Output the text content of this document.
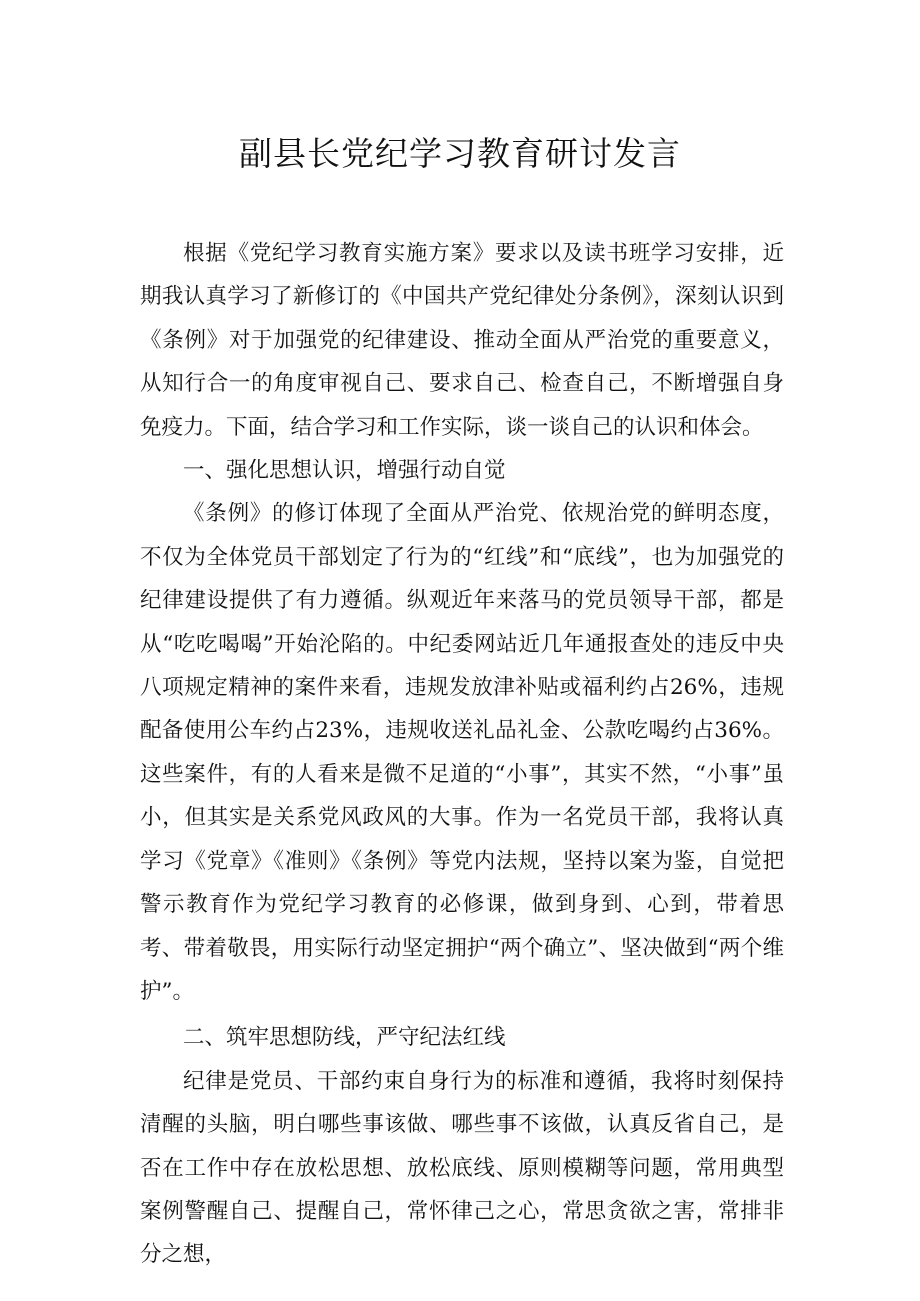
副县长党纪学习教育研讨发言

根据《党纪学习教育实施方案》要求以及读书班学习安排，近期我认真学习了新修订的《中国共产党纪律处分条例》，深刻认识到《条例》对于加强党的纪律建设、推动全面从严治党的重要意义，从知行合一的角度审视自己、要求自己、检查自己，不断增强自身免疫力。下面，结合学习和工作实际，谈一谈自己的认识和体会。

一、强化思想认识，增强行动自觉

《条例》的修订体现了全面从严治党、依规治党的鲜明态度，不仅为全体党员干部划定了行为的“红线”和“底线”，也为加强党的纪律建设提供了有力遵循。纵观近年来落马的党员领导干部，都是从“吃吃喝喝”开始沦陷的。中纪委网站近几年通报查处的违反中央八项规定精神的案件来看，违规发放津补贴或福利约占26%，违规配备使用公车约占23%，违规收送礼品礼金、公款吃喝约占36%。这些案件，有的人看来是微不足道的“小事”，其实不然，“小事”虽小，但其实是关系党风政风的大事。作为一名党员干部，我将认真学习《党章》《准则》《条例》等党内法规，坚持以案为鉴，自觉把警示教育作为党纪学习教育的必修课，做到身到、心到，带着思考、带着敬畏，用实际行动坚定拥护“两个确立”、坚决做到“两个维护”。

二、筑牢思想防线，严守纪法红线

纪律是党员、干部约束自身行为的标准和遵循，我将时刻保持清醒的头脑，明白哪些事该做、哪些事不该做，认真反省自己，是否在工作中存在放松思想、放松底线、原则模糊等问题，常用典型案例警醒自己、提醒自己，常怀律己之心，常思贪欲之害，常排非分之想，
